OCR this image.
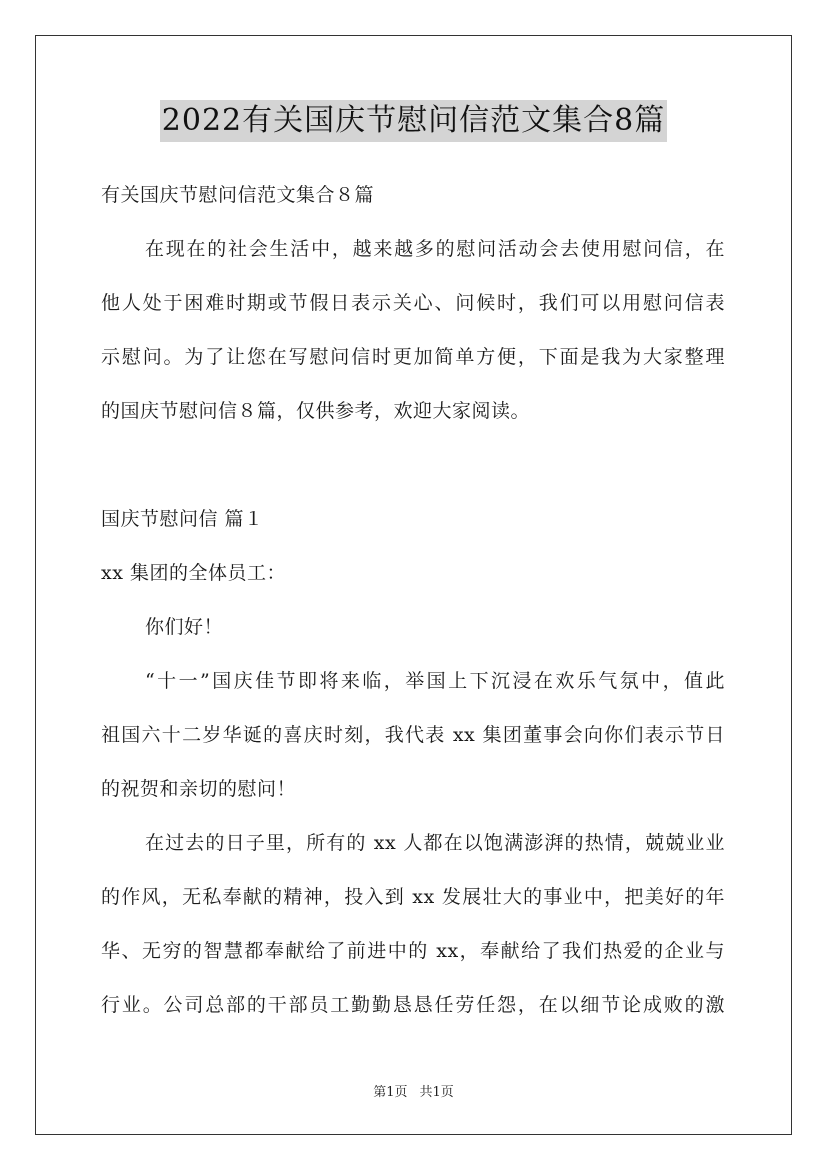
2022有关国庆节慰问信范文集合8篇
有关国庆节慰问信范文集合８篇
在现在的社会生活中，越来越多的慰问活动会去使用慰问信，在
他人处于困难时期或节假日表示关心、问候时，我们可以用慰问信表
示慰问。为了让您在写慰问信时更加简单方便，下面是我为大家整理
的国庆节慰问信８篇，仅供参考，欢迎大家阅读。
国庆节慰问信 篇１
xx 集团的全体员工：
你们好！
“十一”国庆佳节即将来临，举国上下沉浸在欢乐气氛中，值此
祖国六十二岁华诞的喜庆时刻，我代表 xx 集团董事会向你们表示节日
的祝贺和亲切的慰问！
在过去的日子里，所有的 xx 人都在以饱满澎湃的热情，兢兢业业
的作风，无私奉献的精神，投入到 xx 发展壮大的事业中，把美好的年
华、无穷的智慧都奉献给了前进中的 xx，奉献给了我们热爱的企业与
行业。公司总部的干部员工勤勤恳恳任劳任怨，在以细节论成败的激
第1页 共1页
